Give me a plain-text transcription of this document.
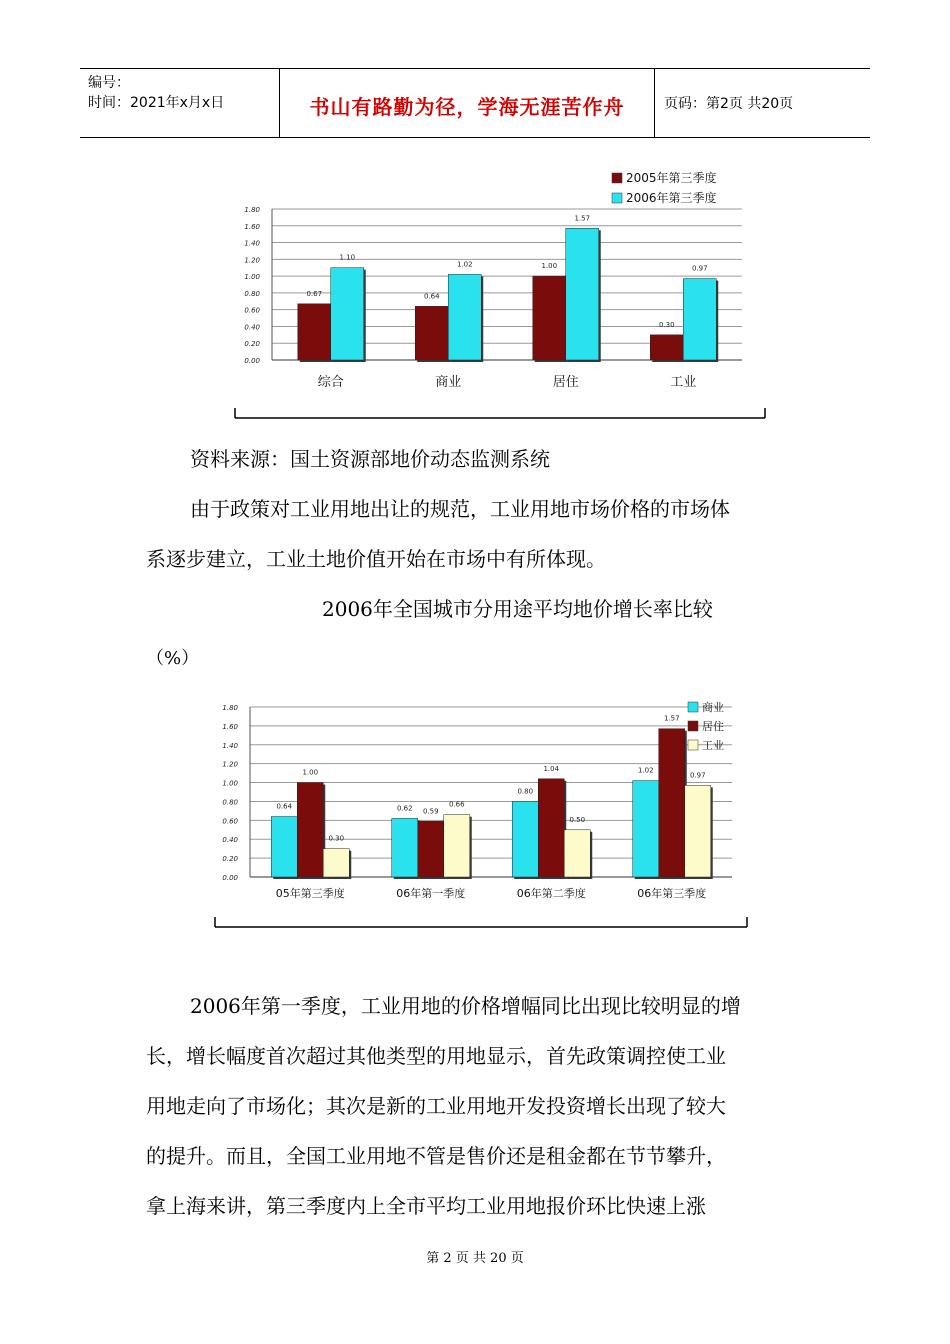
编号：
时间：2021年x月x日	书山有路勤为径，学海无涯苦作舟	页码：第2页 共20页
0.00
0.20
0.40
0.60
0.80
1.00
1.20
1.40
1.60
1.80
0.67
1.10
综合
0.64
1.02
商业
1.00
1.57
居住
0.30
0.97
工业
2005年第三季度
2006年第三季度
资料来源：国土资源部地价动态监测系统
由于政策对工业用地出让的规范，工业用地市场价格的市场体
系逐步建立，工业土地价值开始在市场中有所体现。
2006年全国城市分用途平均地价增长率比较
（%）
0.00
0.20
0.40
0.60
0.80
1.00
1.20
1.40
1.60
1.80
0.64
1.00
0.30
05年第三季度
0.62 0.59
0.66
06年第一季度
0.80
1.04
0.50
06年第二季度
1.02
1.57
0.97
06年第三季度
商业
居住
工业
2006年第一季度，工业用地的价格增幅同比出现比较明显的增
长，增长幅度首次超过其他类型的用地显示，首先政策调控使工业
用地走向了市场化；其次是新的工业用地开发投资增长出现了较大
的提升。而且，全国工业用地不管是售价还是租金都在节节攀升，
拿上海来讲，第三季度内上全市平均工业用地报价环比快速上涨
第 2 页 共 20 页
